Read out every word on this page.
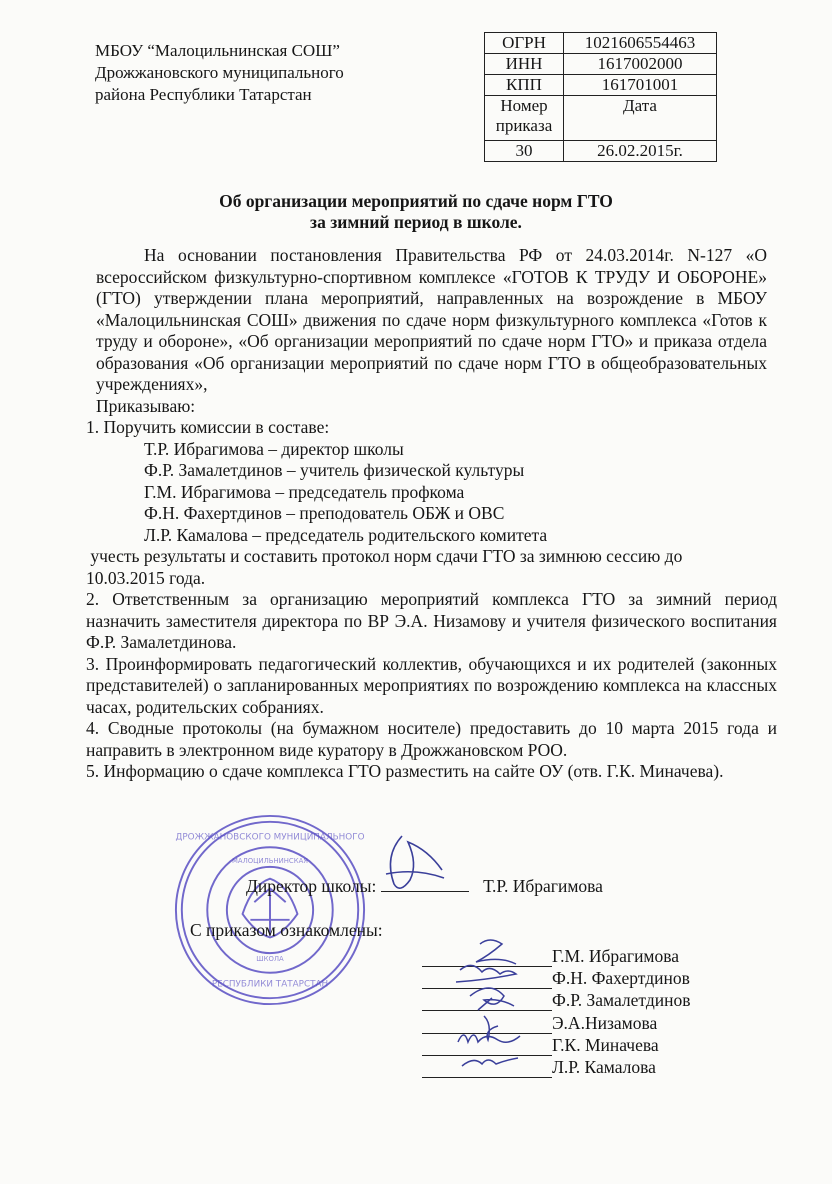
МБОУ “Малоцильнинская СОШ”
Дрожжановского муниципального
района Республики Татарстан
ОГРН	1021606554463
ИНН	1617002000
КПП	161701001
Номер приказа	Дата
30	26.02.2015г.
Об организации мероприятий по сдаче норм ГТО
за зимний период в школе.
На основании постановления Правительства РФ от 24.03.2014г. N-127 «О всероссийском физкультурно-спортивном комплексе «ГОТОВ К ТРУДУ И ОБОРОНЕ» (ГТО) утверждении плана мероприятий, направленных на возрождение в МБОУ «Малоцильнинская СОШ» движения по сдаче норм физкультурного комплекса «Готов к труду и обороне», «Об организации мероприятий по сдаче норм ГТО» и приказа отдела образования «Об организации мероприятий по сдаче норм ГТО в общеобразовательных учреждениях»,
Приказываю:
1. Поручить комиссии в составе:
Т.Р. Ибрагимова – директор школы
Ф.Р. Замалетдинов – учитель физической культуры
Г.М. Ибрагимова – председатель профкома
Ф.Н. Фахертдинов – преподователь ОБЖ и ОВС
Л.Р. Камалова – председатель родительского комитета
учесть результаты и составить протокол норм сдачи ГТО за зимнюю сессию до
10.03.2015 года.
2. Ответственным за организацию мероприятий комплекса ГТО за зимний период назначить заместителя директора по ВР Э.А. Низамову и учителя физического воспитания Ф.Р. Замалетдинова.
3. Проинформировать педагогический коллектив, обучающихся и их родителей (законных представителей) о запланированных мероприятиях по возрождению комплекса на классных часах, родительских собраниях.
4. Сводные протоколы (на бумажном носителе) предоставить до 10 марта 2015 года и направить в электронном виде куратору в Дрожжановском РОО.
5. Информацию о сдаче комплекса ГТО разместить на сайте ОУ (отв. Г.К. Миначева).
ДРОЖЖАНОВСКОГО МУНИЦИПАЛЬНОГО
РЕСПУБЛИКИ ТАТАРСТАН
МАЛОЦИЛЬНИНСКАЯ
ШКОЛА
Директор школы:	Т.Р. Ибрагимова
С приказом ознакомлены:
Г.М. Ибрагимова
Ф.Н. Фахертдинов
Ф.Р. Замалетдинов
Э.А.Низамова
Г.К. Миначева
Л.Р. Камалова
